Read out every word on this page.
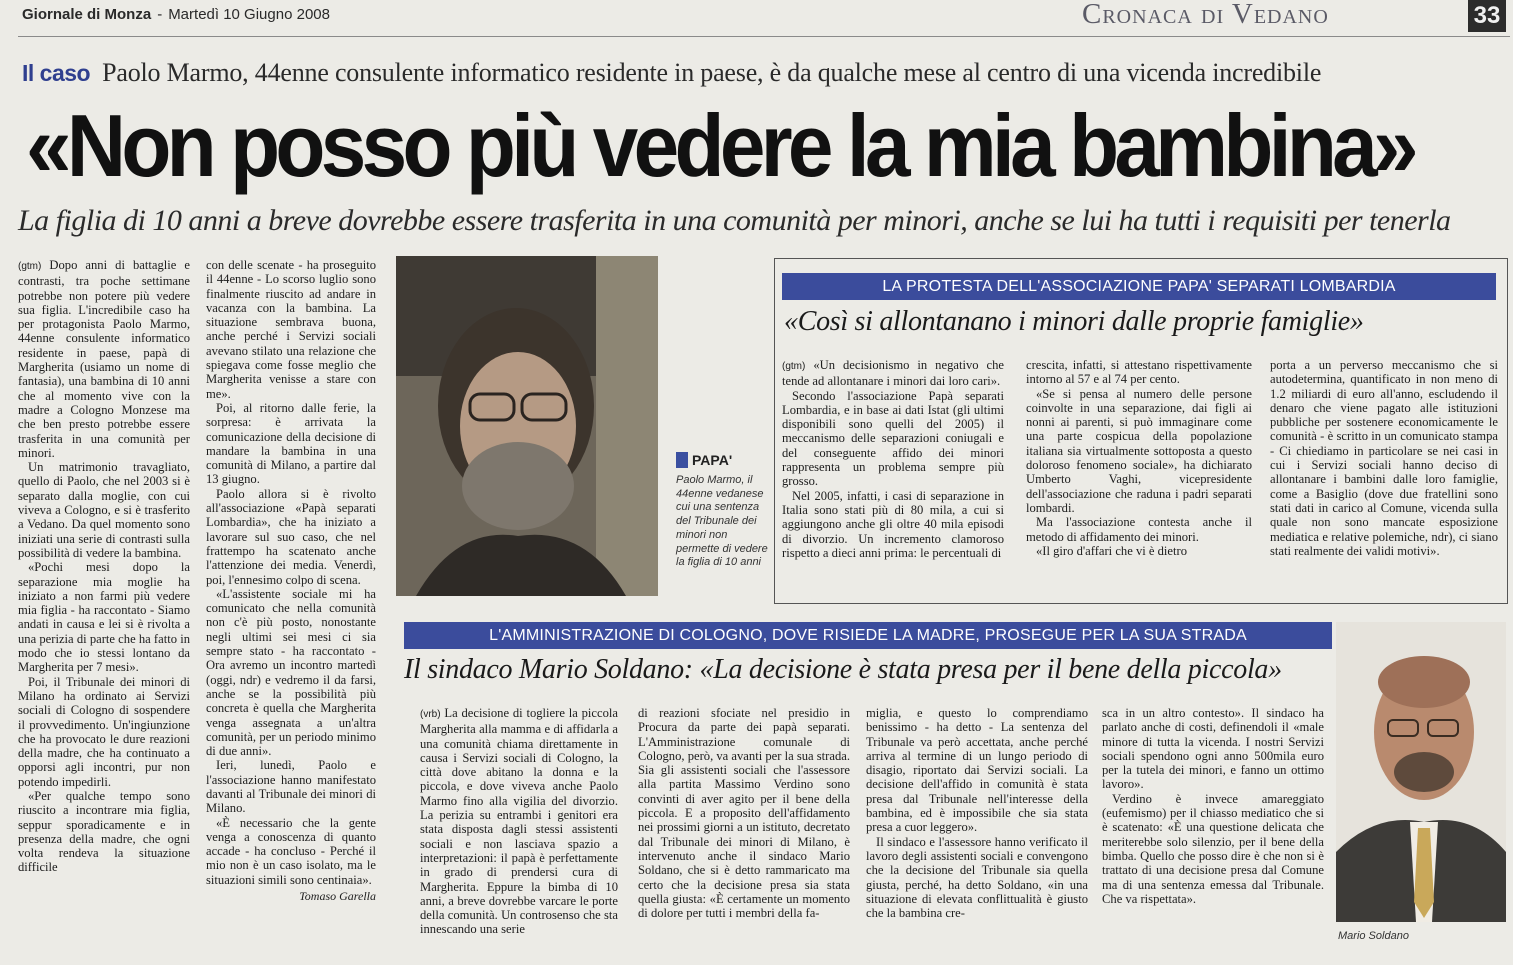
Giornale di Monza - Martedì 10 Giugno 2008	Cronaca di Vedano	33
Il caso Paolo Marmo, 44enne consulente informatico residente in paese, è da qualche mese al centro di una vicenda incredibile
«Non posso più vedere la mia bambina»
La figlia di 10 anni a breve dovrebbe essere trasferita in una comunità per minori, anche se lui ha tutti i requisiti per tenerla

(gtm) Dopo anni di battaglie e contrasti, tra poche settimane potrebbe non potere più vedere sua figlia. L'incredibile caso ha per protagonista Paolo Marmo, 44enne consulente informatico residente in paese, papà di Margherita (usiamo un nome di fantasia), una bambina di 10 anni che al momento vive con la madre a Cologno Monzese ma che ben presto potrebbe essere trasferita in una comunità per minori.

Un matrimonio travagliato, quello di Paolo, che nel 2003 si è separato dalla moglie, con cui viveva a Cologno, e si è trasferito a Vedano. Da quel momento sono iniziati una serie di contrasti sulla possibilità di vedere la bambina.

«Pochi mesi dopo la separazione mia moglie ha iniziato a non farmi più vedere mia figlia - ha raccontato - Siamo andati in causa e lei si è rivolta a una perizia di parte che ha fatto in modo che io stessi lontano da Margherita per 7 mesi».

Poi, il Tribunale dei minori di Milano ha ordinato ai Servizi sociali di Cologno di sospendere il provvedimento. Un'ingiunzione che ha provocato le dure reazioni della madre, che ha continuato a opporsi agli incontri, pur non potendo impedirli.

«Per qualche tempo sono riuscito a incontrare mia figlia, seppur sporadicamente e in presenza della madre, che ogni volta rendeva la situazione difficile

con delle scenate - ha proseguito il 44enne - Lo scorso luglio sono finalmente riuscito ad andare in vacanza con la bambina. La situazione sembrava buona, anche perché i Servizi sociali avevano stilato una relazione che spiegava come fosse meglio che Margherita venisse a stare con me».

Poi, al ritorno dalle ferie, la sorpresa: è arrivata la comunicazione della decisione di mandare la bambina in una comunità di Milano, a partire dal 13 giugno.

Paolo allora si è rivolto all'associazione «Papà separati Lombardia», che ha iniziato a lavorare sul suo caso, che nel frattempo ha scatenato anche l'attenzione dei media. Venerdì, poi, l'ennesimo colpo di scena.

«L'assistente sociale mi ha comunicato che nella comunità non c'è più posto, nonostante negli ultimi sei mesi ci sia sempre stato - ha raccontato - Ora avremo un incontro martedì (oggi, ndr) e vedremo il da farsi, anche se la possibilità più concreta è quella che Margherita venga assegnata a un'altra comunità, per un periodo minimo di due anni».

Ieri, lunedì, Paolo e l'associazione hanno manifestato davanti al Tribunale dei minori di Milano.

«È necessario che la gente venga a conoscenza di quanto accade - ha concluso - Perché il mio non è un caso isolato, ma le situazioni simili sono centinaia».

Tomaso Garella
PAPA'
Paolo Marmo, il 44enne vedanese cui una sentenza del Tribunale dei minori non permette di vedere la figlia di 10 anni
LA PROTESTA DELL'ASSOCIAZIONE PAPA' SEPARATI LOMBARDIA
«Così si allontanano i minori dalle proprie famiglie»

(gtm) «Un decisionismo in negativo che tende ad allontanare i minori dai loro cari».

Secondo l'associazione Papà separati Lombardia, e in base ai dati Istat (gli ultimi disponibili sono quelli del 2005) il meccanismo delle separazioni coniugali e del conseguente affido dei minori rappresenta un problema sempre più grosso.

Nel 2005, infatti, i casi di separazione in Italia sono stati più di 80 mila, a cui si aggiungono anche gli oltre 40 mila episodi di divorzio. Un incremento clamoroso rispetto a dieci anni prima: le percentuali di

crescita, infatti, si attestano rispettivamente intorno al 57 e al 74 per cento.

«Se si pensa al numero delle persone coinvolte in una separazione, dai figli ai nonni ai parenti, si può immaginare come una parte cospicua della popolazione italiana sia virtualmente sottoposta a questo doloroso fenomeno sociale», ha dichiarato Umberto Vaghi, vicepresidente dell'associazione che raduna i padri separati lombardi.

Ma l'associazione contesta anche il metodo di affidamento dei minori.

«Il giro d'affari che vi è dietro

porta a un perverso meccanismo che si autodetermina, quantificato in non meno di 1.2 miliardi di euro all'anno, escludendo il denaro che viene pagato alle istituzioni pubbliche per sostenere economicamente le comunità - è scritto in un comunicato stampa - Ci chiediamo in particolare se nei casi in cui i Servizi sociali hanno deciso di allontanare i bambini dalle loro famiglie, come a Basiglio (dove due fratellini sono stati dati in carico al Comune, vicenda sulla quale non sono mancate esposizione mediatica e relative polemiche, ndr), ci siano stati realmente dei validi motivi».

L'AMMINISTRAZIONE DI COLOGNO, DOVE RISIEDE LA MADRE, PROSEGUE PER LA SUA STRADA
Il sindaco Mario Soldano: «La decisione è stata presa per il bene della piccola»

(vrb) La decisione di togliere la piccola Margherita alla mamma e di affidarla a una comunità chiama direttamente in causa i Servizi sociali di Cologno, la città dove abitano la donna e la piccola, e dove viveva anche Paolo Marmo fino alla vigilia del divorzio. La perizia su entrambi i genitori era stata disposta dagli stessi assistenti sociali e non lasciava spazio a interpretazioni: il papà è perfettamente in grado di prendersi cura di Margherita. Eppure la bimba di 10 anni, a breve dovrebbe varcare le porte della comunità. Un controsenso che sta innescando una serie

di reazioni sfociate nel presidio in Procura da parte dei papà separati. L'Amministrazione comunale di Cologno, però, va avanti per la sua strada. Sia gli assistenti sociali che l'assessore alla partita Massimo Verdino sono convinti di aver agito per il bene della piccola. E a proposito dell'affidamento nei prossimi giorni a un istituto, decretato dal Tribunale dei minori di Milano, è intervenuto anche il sindaco Mario Soldano, che si è detto rammaricato ma certo che la decisione presa sia stata quella giusta: «È certamente un momento di dolore per tutti i membri della fa-

miglia, e questo lo comprendiamo benissimo - ha detto - La sentenza del Tribunale va però accettata, anche perché arriva al termine di un lungo periodo di disagio, riportato dai Servizi sociali. La decisione dell'affido in comunità è stata presa dal Tribunale nell'interesse della bambina, ed è impossibile che sia stata presa a cuor leggero».

Il sindaco e l'assessore hanno verificato il lavoro degli assistenti sociali e convengono che la decisione del Tribunale sia quella giusta, perché, ha detto Soldano, «in una situazione di elevata conflittualità è giusto che la bambina cre-

sca in un altro contesto». Il sindaco ha parlato anche di costi, definendoli il «male minore di tutta la vicenda. I nostri Servizi sociali spendono ogni anno 500mila euro per la tutela dei minori, e fanno un ottimo lavoro».

Verdino è invece amareggiato (eufemismo) per il chiasso mediatico che si è scatenato: «È una questione delicata che meriterebbe solo silenzio, per il bene della bimba. Quello che posso dire è che non si è trattato di una decisione presa dal Comune ma di una sentenza emessa dal Tribunale. Che va rispettata».

Mario Soldano
